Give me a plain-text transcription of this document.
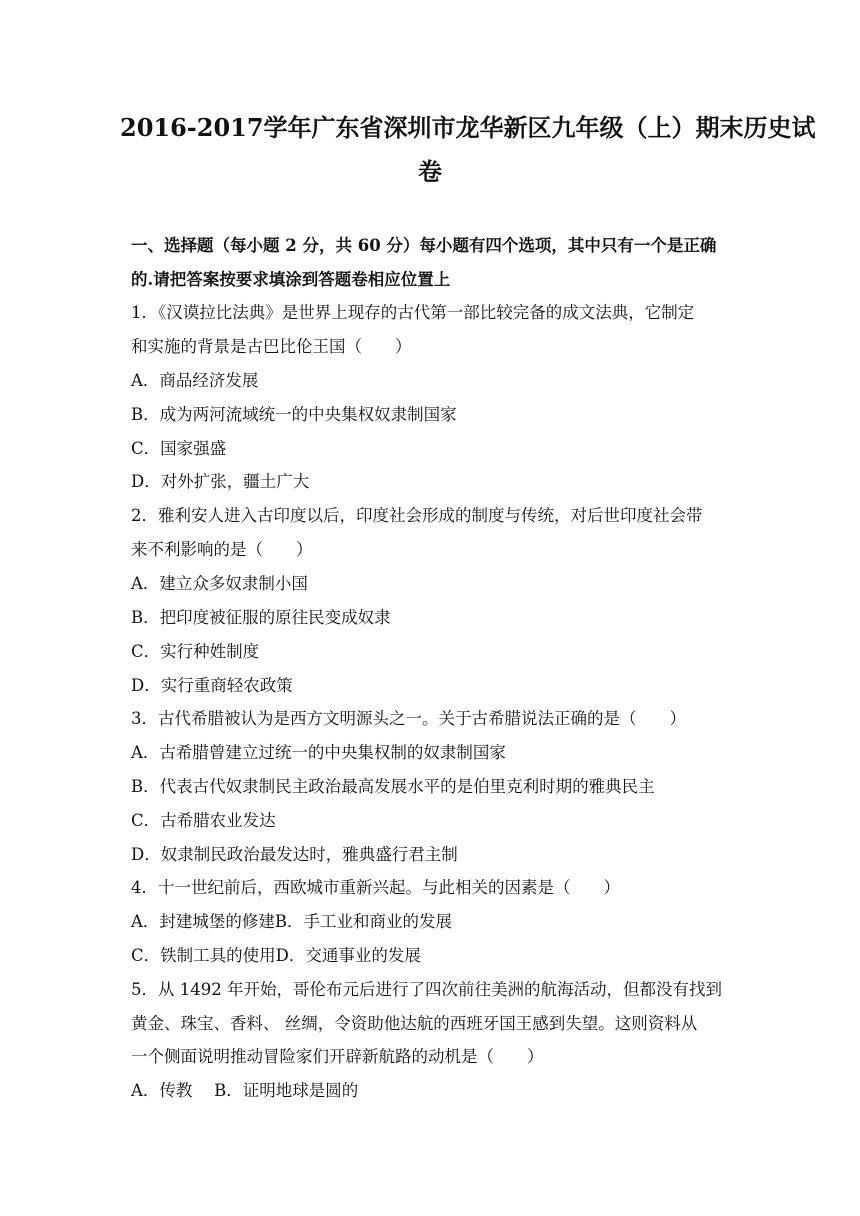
2016-2017学年广东省深圳市龙华新区九年级（上）期末历史试
卷
一、选择题（每小题 2 分，共 60 分）每小题有四个选项，其中只有一个是正确
的.请把答案按要求填涂到答题卷相应位置上
1．《汉谟拉比法典》是世界上现存的古代第一部比较完备的成文法典，它制定
和实施的背景是古巴比伦王国（　　）
A．商品经济发展
B．成为两河流域统一的中央集权奴隶制国家
C．国家强盛
D．对外扩张，疆土广大
2．雅利安人进入古印度以后，印度社会形成的制度与传统，对后世印度社会带
来不利影响的是（　　）
A．建立众多奴隶制小国
B．把印度被征服的原往民变成奴隶
C．实行种姓制度
D．实行重商轻农政策
3．古代希腊被认为是西方文明源头之一。关于古希腊说法正确的是（　　）
A．古希腊曾建立过统一的中央集权制的奴隶制国家
B．代表古代奴隶制民主政治最高发展水平的是伯里克利时期的雅典民主
C．古希腊农业发达
D．奴隶制民政治最发达时，雅典盛行君主制
4．十一世纪前后，西欧城市重新兴起。与此相关的因素是（　　）
A．封建城堡的修建B．手工业和商业的发展
C．铁制工具的使用D．交通事业的发展
5．从 1492 年开始，哥伦布元后进行了四次前往美洲的航海活动，但都没有找到
黄金、珠宝、香料、 丝绸，令资助他达航的西班牙国王感到失望。这则资料从
一个侧面说明推动冒险家们开辟新航路的动机是（　　）
A．传教　 B．证明地球是圆的
